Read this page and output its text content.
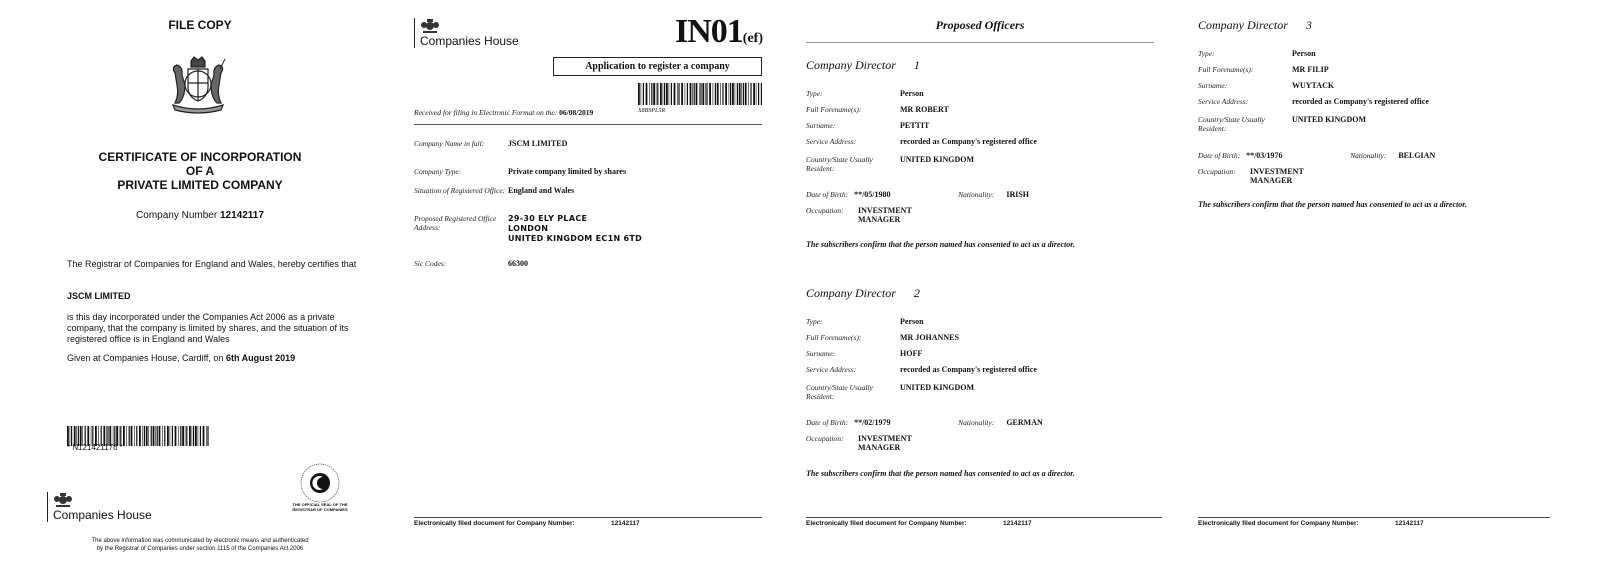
FILE COPY
CERTIFICATE OF INCORPORATION
OF A
PRIVATE LIMITED COMPANY
Company Number 12142117
The Registrar of Companies for England and Wales, hereby certifies that
JSCM LIMITED
is this day incorporated under the Companies Act 2006 as a private company, that the company is limited by shares, and the situation of its registered office is in England and Wales
Given at Companies House, Cardiff, on 6th August 2019
* N121421176 *
Companies House
THE OFFICIAL SEAL OF THE
REGISTRAR OF COMPANIES
The above information was communicated by electronic means and authenticated
by the Registrar of Companies under section 1115 of the Companies Act 2006
Companies House	IN01(ef)
Application to register a company
X8B9PL5R
Received for filing in Electronic Format on the: 06/08/2019
Company Name in full:	JSCM LIMITED
Company Type:	Private company limited by shares
Situation of Registered Office: England and Wales
Proposed Registered Office Address:
29-30 ELY PLACE
LONDON
UNITED KINGDOM EC1N 6TD
Sic Codes:	66300
Electronically filed document for Company Number:	12142117
Proposed Officers
Company Director 1
Type:	Person
Full Forename(s):	MR ROBERT
Surname:	PETTIT
Service Address:	recorded as Company's registered office
Country/State Usually Resident:
UNITED KINGDOM
Date of Birth: **/05/1980	Nationality: IRISH
Occupation:	INVESTMENT
MANAGER
The subscribers confirm that the person named has consented to act as a director.
Company Director 2
Type:	Person
Full Forename(s):	MR JOHANNES
Surname:	HOFF
Service Address:	recorded as Company's registered office
Country/State Usually Resident:
UNITED KINGDOM
Date of Birth: **/02/1979	Nationality: GERMAN
Occupation:	INVESTMENT
MANAGER
The subscribers confirm that the person named has consented to act as a director.
Electronically filed document for Company Number:	12142117
Company Director 3
Type:	Person
Full Forename(s):	MR FILIP
Surname:	WUYTACK
Service Address:	recorded as Company's registered office
Country/State Usually Resident:
UNITED KINGDOM
Date of Birth: **/03/1976	Nationality: BELGIAN
Occupation:	INVESTMENT
MANAGER
The subscribers confirm that the person named has consented to act as a director.
Electronically filed document for Company Number:	12142117
